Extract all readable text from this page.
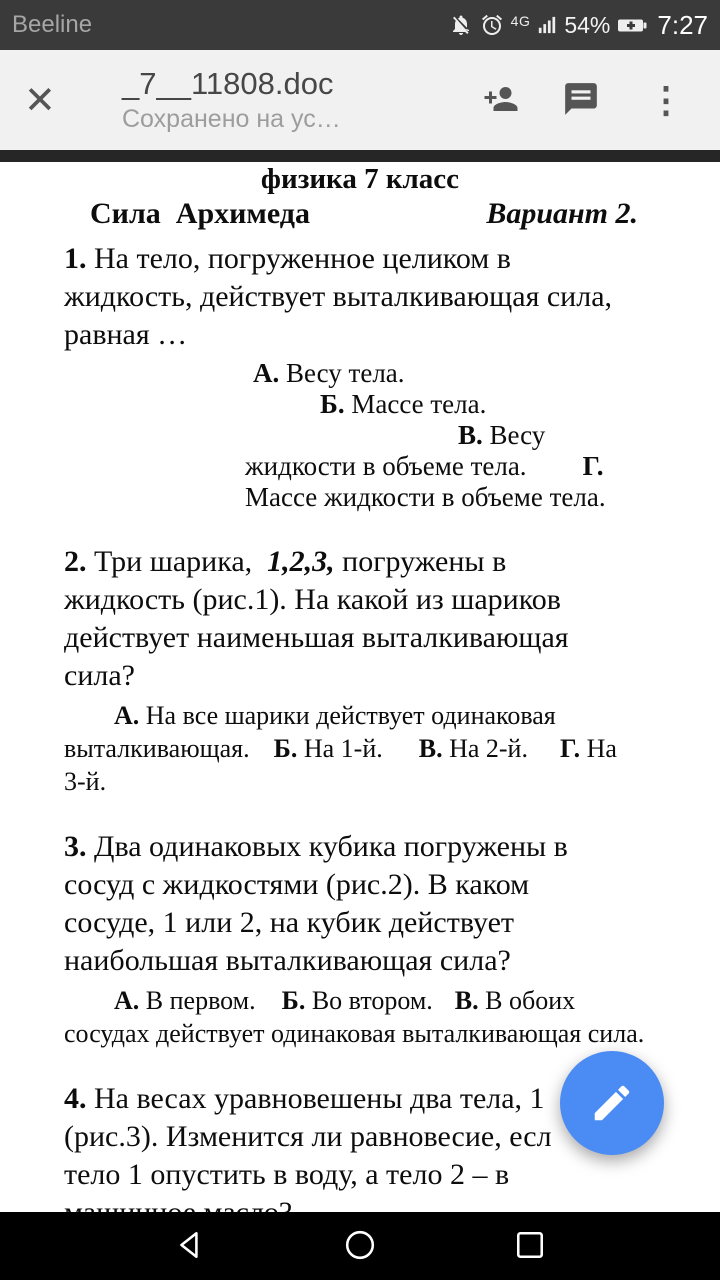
Beeline	4G 54% 7:27
✕	_7__11808.doc
Сохранено на ус…	⋮
физика 7 класс
Сила  Архимеда	Вариант 2.
1. На тело, погруженное целиком в
жидкость, действует выталкивающая сила,
равная …
А. Весу тела.
Б. Массе тела.
В. Весу
жидкости в объеме тела. Г.
Массе жидкости в объеме тела.
2. Три шарика,  1,2,3, погружены в
жидкость (рис.1). На какой из шариков
действует наименьшая выталкивающая
сила?
А. На все шарики действует одинаковая
выталкивающая. Б. На 1-й. В. На 2-й. Г. На
3-й.
3. Два одинаковых кубика погружены в
сосуд с жидкостями (рис.2). В каком
сосуде, 1 или 2, на кубик действует
наибольшая выталкивающая сила?
А. В первом. Б. Во втором. В. В обоих
сосудах действует одинаковая выталкивающая сила.
4. На весах уравновешены два тела, 1
(рис.3). Изменится ли равновесие, есл
тело 1 опустить в воду, а тело 2 – в
